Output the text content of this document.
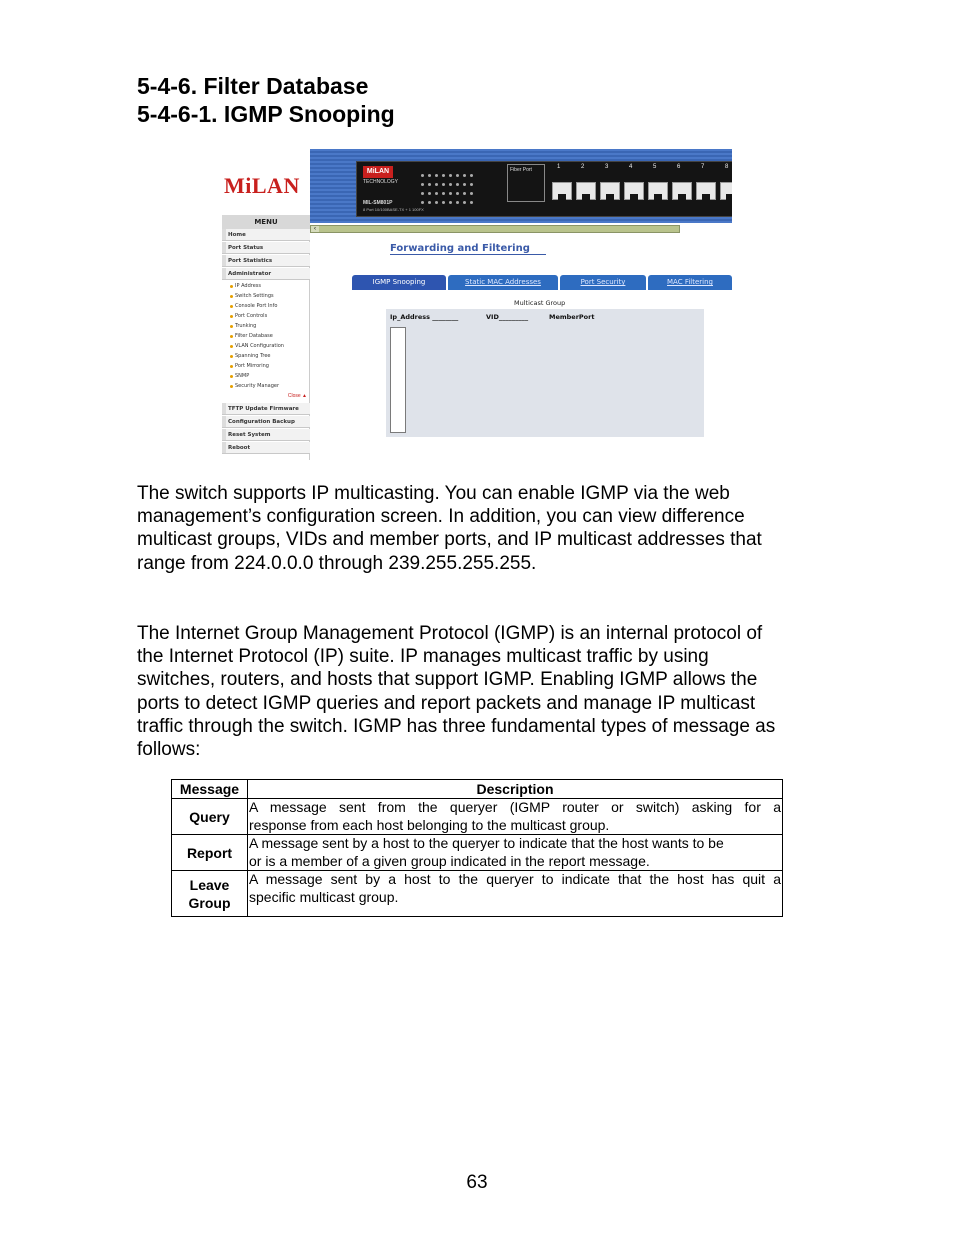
5-4-6. Filter Database
5-4-6-1. IGMP Snooping
MiLAN
MiLAN
TECHNOLOGY
MIL-SM801P
8 Port 10/100BASE-TX + 1 100FX
Fiber Port	1	2	3	4	5	6	7	8
MENU
Home
Port Status
Port Statistics
Administrator
IP Address
Switch Settings
Console Port Info
Port Controls
Trunking
Filter Database
VLAN Configuration
Spanning Tree
Port Mirroring
SNMP
Security Manager
Close ▲
TFTP Update Firmware
Configuration Backup
Reset System
Reboot
‹
Forwarding and Filtering
IGMP Snooping	Static MAC Addresses	Port Security	MAC Filtering
Multicast Group
Ip_Address ________	VID_________	MemberPort
The switch supports IP multicasting. You can enable IGMP via the web
management’s configuration screen. In addition, you can view difference
multicast groups, VIDs and member ports, and IP multicast addresses that
range from 224.0.0.0 through 239.255.255.255.
The Internet Group Management Protocol (IGMP) is an internal protocol of
the Internet Protocol (IP) suite. IP manages multicast traffic by using
switches, routers, and hosts that support IGMP. Enabling IGMP allows the
ports to detect IGMP queries and report packets and manage IP multicast
traffic through the switch. IGMP has three fundamental types of message as
follows:
Message	Description

Query	A message sent from the queryer (IGMP router or switch) asking for a
response from each host belonging to the multicast group.

Report	A message sent by a host to the queryer to indicate that the host wants to be
or is a member of a given group indicated in the report message.

Leave
Group	A message sent by a host to the queryer to indicate that the host has quit a
specific multicast group.
63
